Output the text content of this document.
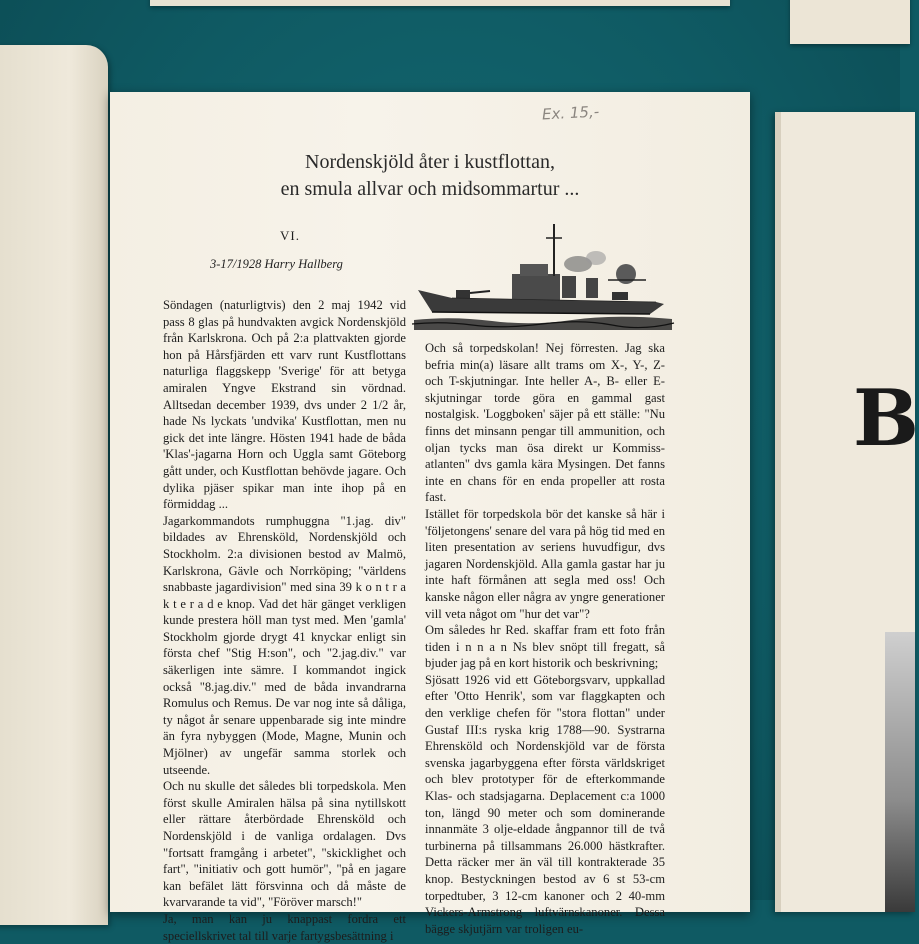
B
Ex. 15,-
Nordenskjöld åter i kustflottan,
en smula allvar och midsommartur ...
VI.
3-17/1928 Harry Hallberg
Söndagen (naturligtvis) den 2 maj 1942 vid pass 8 glas på hundvakten avgick Nordenskjöld från Karlskrona. Och på 2:a plattvakten gjorde hon på Hårsfjärden ett varv runt Kustflottans naturliga flaggskepp 'Sverige' för att betyga amiralen Yngve Ekstrand sin vördnad. Alltsedan december 1939, dvs under 2 1/2 år, hade Ns lyckats 'undvika' Kustflottan, men nu gick det inte längre. Hösten 1941 hade de båda 'Klas'-jagarna Horn och Uggla samt Göteborg gått under, och Kustflottan behövde jagare. Och dylika pjäser spikar man inte ihop på en förmiddag ...
Jagarkommandots rumphuggna "1.jag. div" bildades av Ehrensköld, Nordenskjöld och Stockholm. 2:a divisionen bestod av Malmö, Karlskrona, Gävle och Norrköping; "världens snabbaste jagardivision" med sina 39 k o n t r a k t e r a d e knop. Vad det här gänget verkligen kunde prestera höll man tyst med. Men 'gamla' Stockholm gjorde drygt 41 knyckar enligt sin första chef "Stig H:son", och "2.jag.div." var säkerligen inte sämre. I kommandot ingick också "8.jag.div." med de båda invandrarna Romulus och Remus. De var nog inte så dåliga, ty något år senare uppenbarade sig inte mindre än fyra nybyggen (Mode, Magne, Munin och Mjölner) av ungefär samma storlek och utseende.
Och nu skulle det således bli torpedskola. Men först skulle Amiralen hälsa på sina nytillskott eller rättare återbördade Ehrensköld och Nordenskjöld i de vanliga ordalagen. Dvs "fortsatt framgång i arbetet", "skicklighet och fart", "initiativ och gott humör", "på en jagare kan befälet lätt försvinna och då måste de kvarvarande ta vid", "Föröver marsch!"
Ja, man kan ju knappast fordra ett speciellskrivet tal till varje fartygsbesättning i
Och så torpedskolan! Nej förresten. Jag ska befria min(a) läsare allt trams om X-, Y-, Z- och T-skjutningar. Inte heller A-, B- eller E-skjutningar torde göra en gammal gast nostalgisk. 'Loggboken' säjer på ett ställe: "Nu finns det minsann pengar till ammunition, och oljan tycks man ösa direkt ur Kommiss-atlanten" dvs gamla kära Mysingen. Det fanns inte en chans för en enda propeller att rosta fast.
Istället för torpedskola bör det kanske så här i 'följetongens' senare del vara på hög tid med en liten presentation av seriens huvudfigur, dvs jagaren Nordenskjöld. Alla gamla gastar har ju inte haft förmånen att segla med oss! Och kanske någon eller några av yngre generationer vill veta något om "hur det var"?
Om således hr Red. skaffar fram ett foto från tiden i n n a n Ns blev snöpt till fregatt, så bjuder jag på en kort historik och beskrivning;
Sjösatt 1926 vid ett Göteborgsvarv, uppkallad efter 'Otto Henrik', som var flaggkapten och den verklige chefen för "stora flottan" under Gustaf III:s ryska krig 1788—90. Systrarna Ehrensköld och Nordenskjöld var de första svenska jagarbyggena efter första världskriget och blev prototyper för de efterkommande Klas- och stadsjagarna. Deplacement c:a 1000 ton, längd 90 meter och som dominerande innanmäte 3 olje-eldade ångpannor till de två turbinerna på tillsammans 26.000 hästkrafter. Detta räcker mer än väl till kontrakterade 35 knop. Bestyckningen bestod av 6 st 53-cm torpedtuber, 3 12-cm kanoner och 2 40-mm Vickers-Armstrong luftvärnskanoner. Dessa bägge skjutjärn var troligen eu-
